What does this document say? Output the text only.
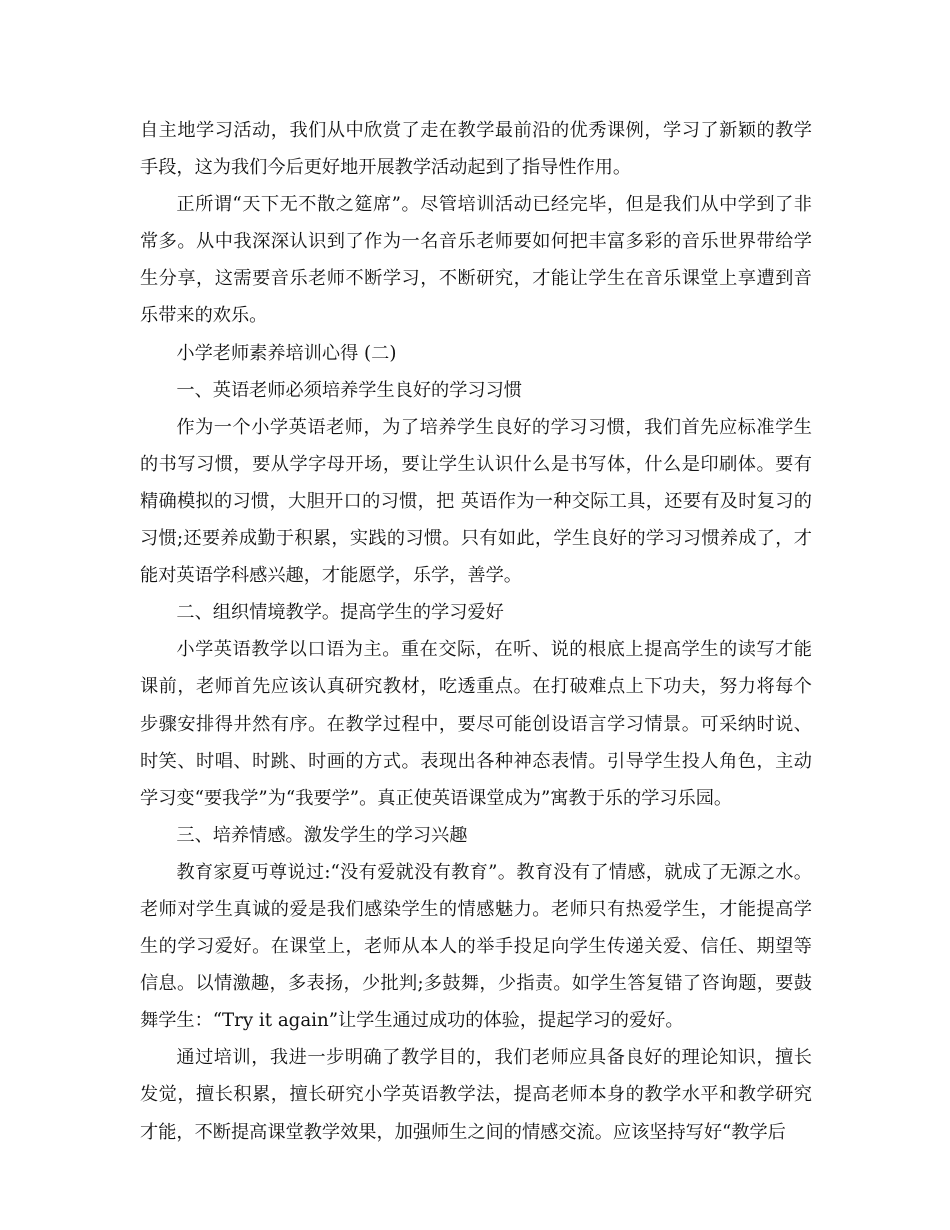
自主地学习活动，我们从中欣赏了走在教学最前沿的优秀课例，学习了新颖的教学手段，这为我们今后更好地开展教学活动起到了指导性作用。

正所谓“天下无不散之筵席”。尽管培训活动已经完毕，但是我们从中学到了非常多。从中我深深认识到了作为一名音乐老师要如何把丰富多彩的音乐世界带给学生分享，这需要音乐老师不断学习，不断研究，才能让学生在音乐课堂上享遭到音乐带来的欢乐。

小学老师素养培训心得 (二)

一、英语老师必须培养学生良好的学习习惯

作为一个小学英语老师，为了培养学生良好的学习习惯，我们首先应标准学生的书写习惯，要从学字母开场，要让学生认识什么是书写体，什么是印刷体。要有精确模拟的习惯，大胆开口的习惯，把 英语作为一种交际工具，还要有及时复习的习惯;还要养成勤于积累，实践的习惯。只有如此，学生良好的学习习惯养成了，才能对英语学科感兴趣，才能愿学，乐学，善学。

二、组织情境教学。提高学生的学习爱好

小学英语教学以口语为主。重在交际，在听、说的根底上提高学生的读写才能课前，老师首先应该认真研究教材，吃透重点。在打破难点上下功夫，努力将每个步骤安排得井然有序。在教学过程中，要尽可能创设语言学习情景。可采纳时说、时笑、时唱、时跳、时画的方式。表现出各种神态表情。引导学生投人角色，主动学习变“要我学”为“我要学”。真正使英语课堂成为”寓教于乐的学习乐园。

三、培养情感。激发学生的学习兴趣

教育家夏丏尊说过:“没有爱就没有教育”。教育没有了情感，就成了无源之水。老师对学生真诚的爱是我们感染学生的情感魅力。老师只有热爱学生，才能提高学生的学习爱好。在课堂上，老师从本人的举手投足向学生传递关爱、信任、期望等信息。以情激趣，多表扬，少批判;多鼓舞，少指责。如学生答复错了咨询题，要鼓舞学生：“Try it again”让学生通过成功的体验，提起学习的爱好。

通过培训，我进一步明确了教学目的，我们老师应具备良好的理论知识，擅长发觉，擅长积累，擅长研究小学英语教学法，提高老师本身的教学水平和教学研究才能，不断提高课堂教学效果，加强师生之间的情感交流。应该坚持写好“教学后
